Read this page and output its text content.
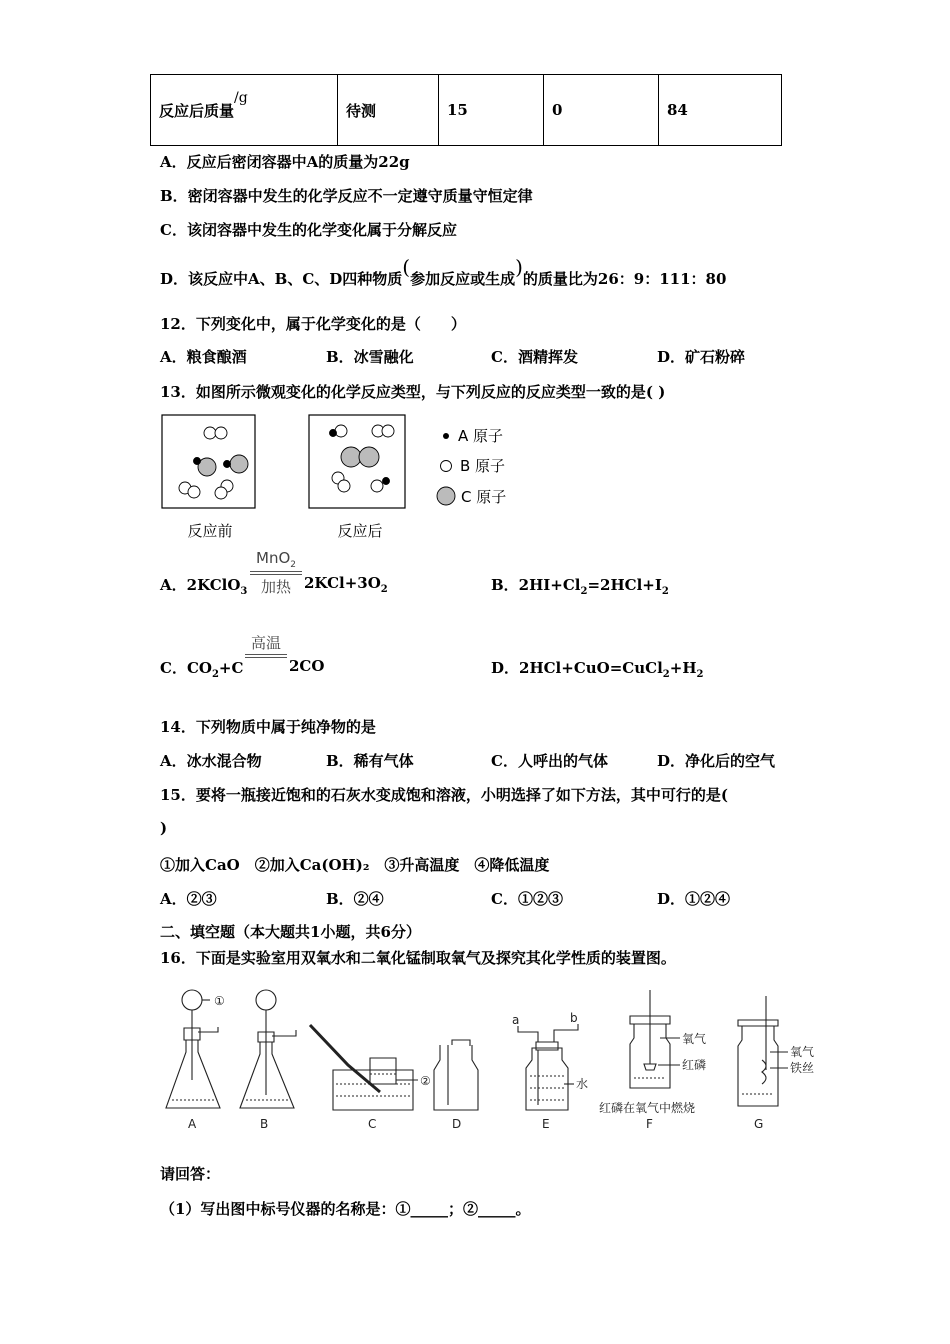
反应后质量/g	待测	15	0	84
A．反应后密闭容器中A的质量为22g
B．密闭容器中发生的化学反应不一定遵守质量守恒定律
C．该闭容器中发生的化学变化属于分解反应
D．该反应中A、B、C、D四种物质(参加反应或生成)的质量比为26：9：111：80
12．下列变化中，属于化学变化的是（　　）
A．粮食酿酒	B．冰雪融化	C．酒精挥发	D．矿石粉碎
13．如图所示微观变化的化学反应类型，与下列反应的反应类型一致的是( )
反应前	反应后
A 原子
B 原子
C 原子
A．2KClO$_3$
MnO$_2$
加热 $2KCl+3O_2$	B．$2HI+Cl_2=2HCl+I_2$
C．$CO_2+C$
高温
2CO	D．$2HCl+CuO=CuCl_2+H_2$
14．下列物质中属于纯净物的是
A．冰水混合物	B．稀有气体	C．人呼出的气体	D．净化后的空气
15．要将一瓶接近饱和的石灰水变成饱和溶液，小明选择了如下方法，其中可行的是(
)
①加入CaO　②加入Ca(OH)₂　③升高温度　④降低温度
A．②③	B．②④	C．①②③	D．①②④
二、填空题（本大题共1小题，共6分）
16．下面是实验室用双氧水和二氧化锰制取氧气及探究其化学性质的装置图。
①
②
a	b
水
氧气
红磷
红磷在氧气中燃烧
氧气
铁丝
A	B	C	D	E	F	G
请回答：
（1）写出图中标号仪器的名称是：①_____；②_____。
